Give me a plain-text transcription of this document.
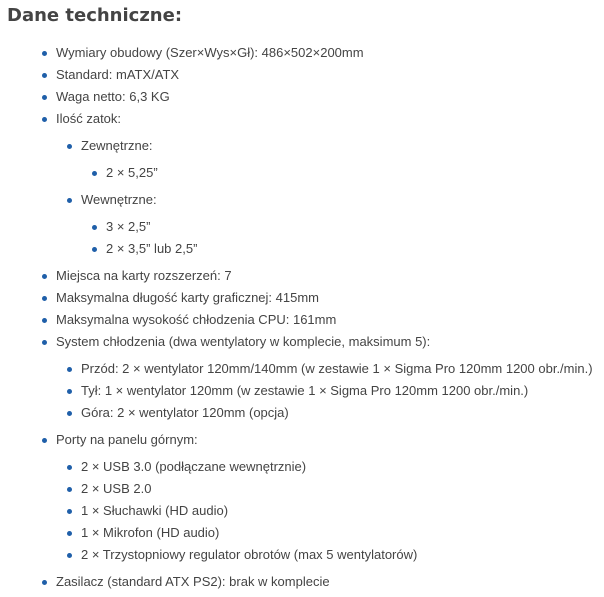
Dane techniczne:
Wymiary obudowy (Szer×Wys×Gł): 486×502×200mm
Standard: mATX/ATX
Waga netto: 6,3 KG
Ilość zatok:
Zewnętrzne:
2 × 5,25”
Wewnętrzne:
3 × 2,5”
2 × 3,5” lub 2,5”
Miejsca na karty rozszerzeń: 7
Maksymalna długość karty graficznej: 415mm
Maksymalna wysokość chłodzenia CPU: 161mm
System chłodzenia (dwa wentylatory w komplecie, maksimum 5):
Przód: 2 × wentylator 120mm/140mm (w zestawie 1 × Sigma Pro 120mm 1200 obr./min.)
Tył: 1 × wentylator 120mm (w zestawie 1 × Sigma Pro 120mm 1200 obr./min.)
Góra: 2 × wentylator 120mm (opcja)
Porty na panelu górnym:
2 × USB 3.0 (podłączane wewnętrznie)
2 × USB 2.0
1 × Słuchawki (HD audio)
1 × Mikrofon (HD audio)
2 × Trzystopniowy regulator obrotów (max 5 wentylatorów)
Zasilacz (standard ATX PS2): brak w komplecie
